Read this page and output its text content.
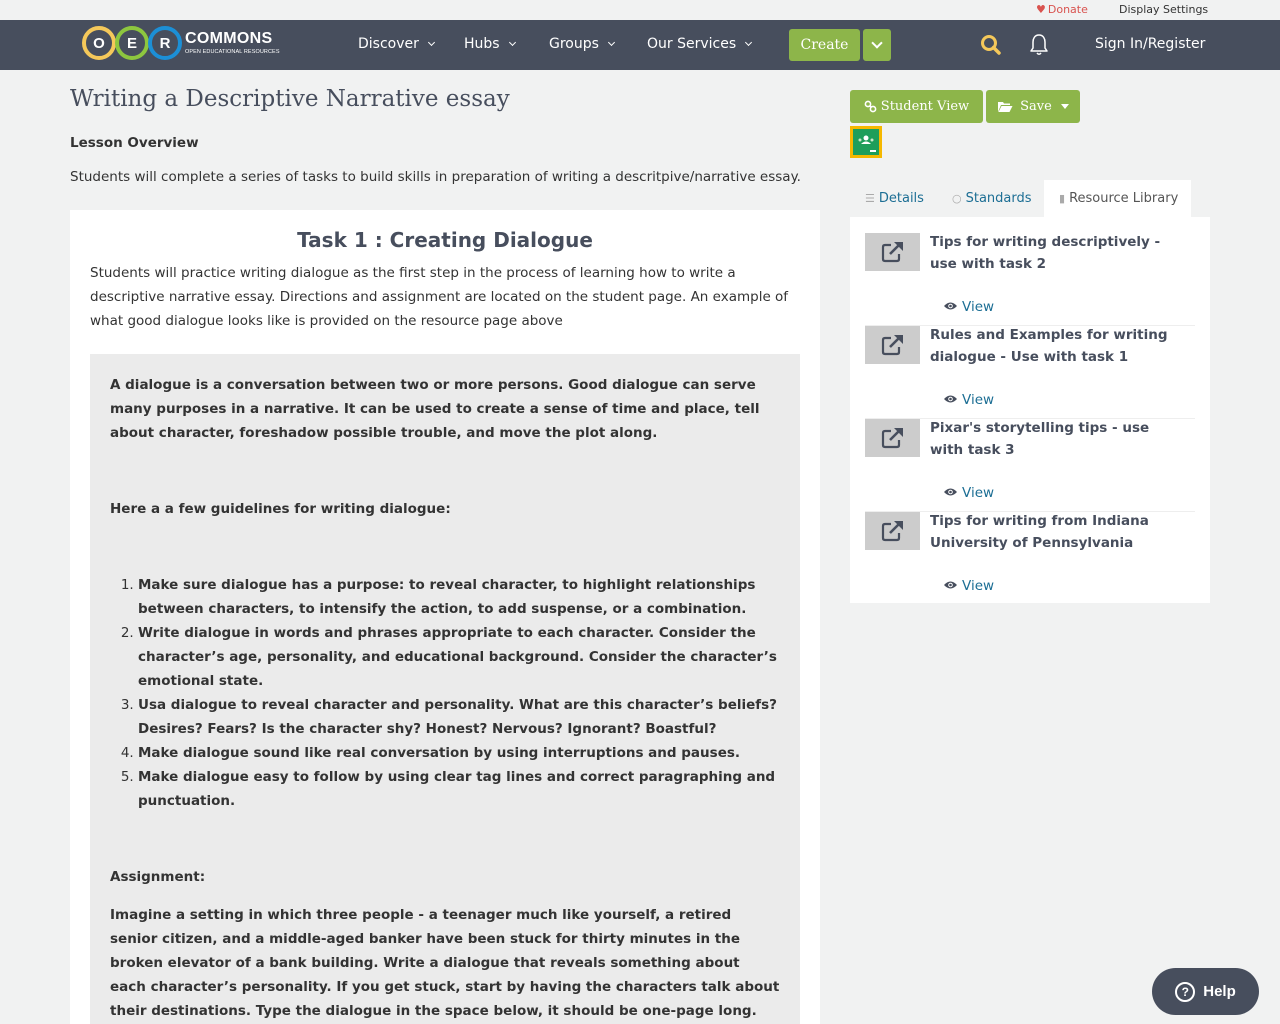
♥ Donate	Display Settings
O	E	R COMMONS
OPEN EDUCATIONAL RESOURCES	Discover	Hubs	Groups	Our Services	Create	Sign In/Register
Writing a Descriptive Narrative essay
Lesson Overview
Students will complete a series of tasks to build skills in preparation of writing a descritpive/narrative essay.
Task 1 : Creating Dialogue

Students will practice writing dialogue as the first step in the process of learning how to write a descriptive narrative essay. Directions and assignment are located on the student page. An example of what good dialogue looks like is provided on the resource page above

A dialogue is a conversation between two or more persons. Good dialogue can serve many purposes in a narrative. It can be used to create a sense of time and place, tell about character, foreshadow possible trouble, and move the plot along.

Here a a few guidelines for writing dialogue:

1. Make sure dialogue has a purpose: to reveal character, to highlight relationships between characters, to intensify the action, to add suspense, or a combination.
2. Write dialogue in words and phrases appropriate to each character. Consider the character’s age, personality, and educational background. Consider the character’s emotional state.
3. Usa dialogue to reveal character and personality. What are this character’s beliefs? Desires? Fears? Is the character shy? Honest? Nervous? Ignorant? Boastful?
4. Make dialogue sound like real conversation by using interruptions and pauses.
5. Make dialogue easy to follow by using clear tag lines and correct paragraphing and punctuation.

Assignment:

Imagine a setting in which three people - a teenager much like yourself, a retired senior citizen, and a middle-aged banker have been stuck for thirty minutes in the broken elevator of a bank building. Write a dialogue that reveals something about each character’s personality. If you get stuck, start by having the characters talk about their destinations. Type the dialogue in the space below, it should be one-page long.

Student View	Save
☰ Details	○ Standards ▮ Resource Library
Tips for writing descriptively - use with task 2
View
Rules and Examples for writing dialogue - Use with task 1
View
Pixar's storytelling tips - use with task 3
View
Tips for writing from Indiana University of Pennsylvania
View
? Help
